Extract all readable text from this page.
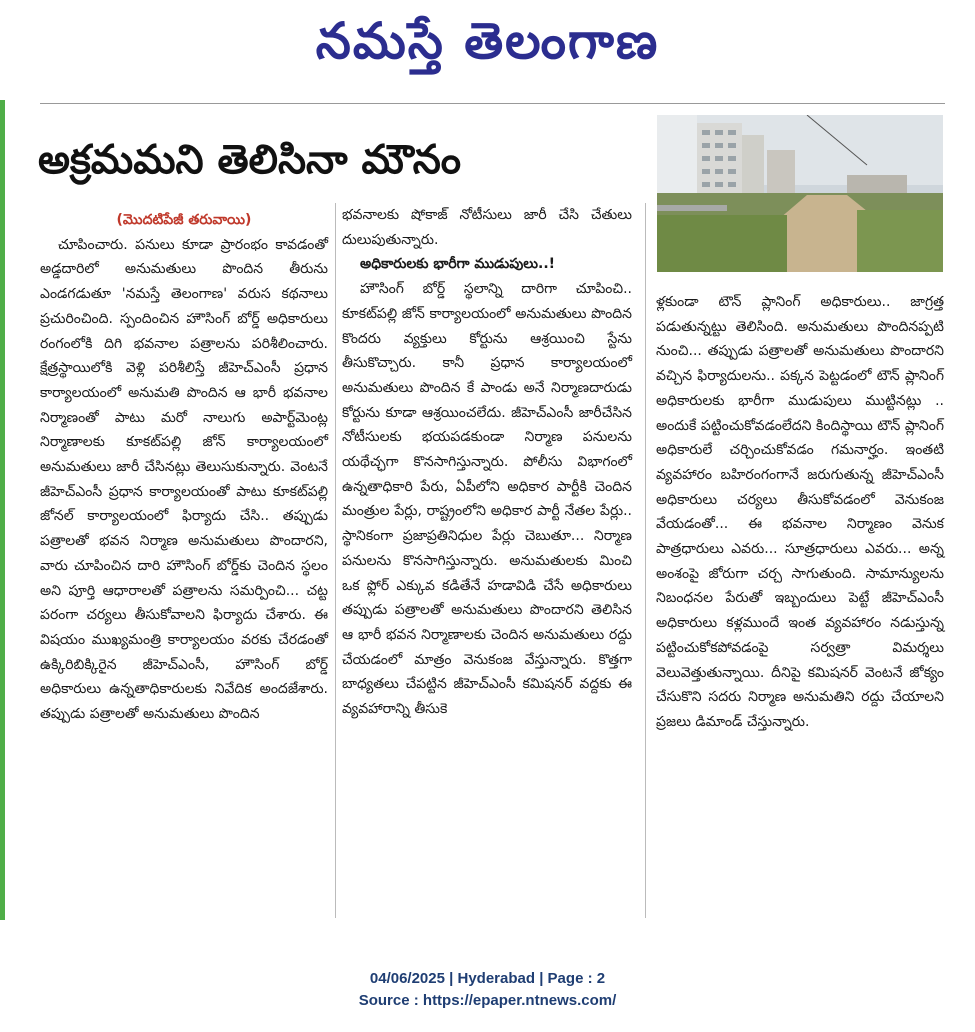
నమస్తే తెలంగాణ
అక్రమమని తెలిసినా మౌనం
(మొదటిపేజీ తరువాయి)

చూపించారు. పనులు కూడా ప్రారంభం కావడంతో అడ్డదారిలో అనుమతులు పొందిన తీరును ఎండగడుతూ 'నమస్తే తెలంగాణ' వరుస కథనాలు ప్రచురించింది. స్పందించిన హౌసింగ్ బోర్డ్ అధికారులు రంగంలోకి దిగి భవనాల పత్రాలను పరిశీలించారు. క్షేత్రస్థాయిలోకి వెళ్లి పరిశీలిస్తే జీహెచ్ఎంసీ ప్రధాన కార్యాలయంలో అనుమతి పొందిన ఆ భారీ భవనాల నిర్మాణంతో పాటు మరో నాలుగు అపార్ట్‌మెంట్ల నిర్మాణాలకు కూకట్‌పల్లి జోన్ కార్యాలయంలో అనుమతులు జారీ చేసినట్లు తెలుసుకున్నారు. వెంటనే జీహెచ్ఎంసీ ప్రధాన కార్యాలయంతో పాటు కూకట్‌పల్లి జోనల్ కార్యాలయంలో ఫిర్యాదు చేసి.. తప్పుడు పత్రాలతో భవన నిర్మాణ అనుమతులు పొందారని, వారు చూపించిన దారి హౌసింగ్ బోర్డ్‌కు చెందిన స్థలం అని పూర్తి ఆధారాలతో పత్రాలను సమర్పించి... చట్ట పరంగా చర్యలు తీసుకోవాలని ఫిర్యాదు చేశారు. ఈ విషయం ముఖ్యమంత్రి కార్యాలయం వరకు చేరడంతో ఉక్కిరిబిక్కిరైన జీహెచ్ఎంసీ, హౌసింగ్ బోర్డ్ అధికారులు ఉన్నతాధికారులకు నివేదిక అందజేశారు. తప్పుడు పత్రాలతో అనుమతులు పొందిన

భవనాలకు షోకాజ్ నోటీసులు జారీ చేసి చేతులు దులుపుతున్నారు.

అధికారులకు భారీగా ముడుపులు..!

హౌసింగ్ బోర్డ్ స్థలాన్ని దారిగా చూపించి.. కూకట్‌పల్లి జోన్ కార్యాలయంలో అనుమతులు పొందిన కొందరు వ్యక్తులు కోర్టును ఆశ్రయించి స్టేను తీసుకొచ్చారు. కానీ ప్రధాన కార్యాలయంలో అనుమతులు పొందిన కే పాండు అనే నిర్మాణదారుడు కోర్టును కూడా ఆశ్రయించలేదు. జీహెచ్ఎంసీ జారీచేసిన నోటీసులకు భయపడకుండా నిర్మాణ పనులను యథేచ్ఛగా కొనసాగిస్తున్నారు. పోలీసు విభాగంలో ఉన్నతాధికారి పేరు, ఏపీలోని అధికార పార్టీకి చెందిన మంత్రుల పేర్లు, రాష్ట్రంలోని అధికార పార్టీ నేతల పేర్లు.. స్థానికంగా ప్రజాప్రతినిధుల పేర్లు చెబుతూ... నిర్మాణ పనులను కొనసాగిస్తున్నారు. అనుమతులకు మించి ఒక ఫ్లోర్ ఎక్కువ కడితేనే హడావిడి చేసే అధికారులు తప్పుడు పత్రాలతో అనుమతులు పొందారని తెలిసిన ఆ భారీ భవన నిర్మాణాలకు చెందిన అనుమతులు రద్దు చేయడంలో మాత్రం వెనుకంజ వేస్తున్నారు. కొత్తగా బాధ్యతలు చేపట్టిన జీహెచ్ఎంసీ కమిషనర్ వద్దకు ఈ వ్యవహారాన్ని తీసుకె

ళ్లకుండా టౌన్ ప్లానింగ్ అధికారులు.. జాగ్రత్త పడుతున్నట్టు తెలిసింది. అనుమతులు పొందినప్పటి నుంచి... తప్పుడు పత్రాలతో అనుమతులు పొందారని వచ్చిన ఫిర్యాదులను.. పక్కన పెట్టడంలో టౌన్ ప్లానింగ్ అధికారులకు భారీగా ముడుపులు ముట్టినట్లు .. అందుకే పట్టించుకోవడంలేదని కిందిస్థాయి టౌన్ ప్లానింగ్ అధికారులే చర్చించుకోవడం గమనార్హం. ఇంతటి వ్యవహారం బహిరంగంగానే జరుగుతున్న జీహెచ్ఎంసీ అధికారులు చర్యలు తీసుకోవడంలో వెనుకంజ వేయడంతో... ఈ భవనాల నిర్మాణం వెనుక పాత్రధారులు ఎవరు... సూత్రధారులు ఎవరు... అన్న అంశంపై జోరుగా చర్చ సాగుతుంది. సామాన్యులను నిబంధనల పేరుతో ఇబ్బందులు పెట్టే జీహెచ్ఎంసీ అధికారులు కళ్లముందే ఇంత వ్యవహారం నడుస్తున్న పట్టించుకోకపోవడంపై సర్వత్రా విమర్శలు వెలువెత్తుతున్నాయి. దీనిపై కమిషనర్ వెంటనే జోక్యం చేసుకొని సదరు నిర్మాణ అనుమతిని రద్దు చేయాలని ప్రజలు డిమాండ్ చేస్తున్నారు.

04/06/2025 | Hyderabad | Page : 2
Source : https://epaper.ntnews.com/
